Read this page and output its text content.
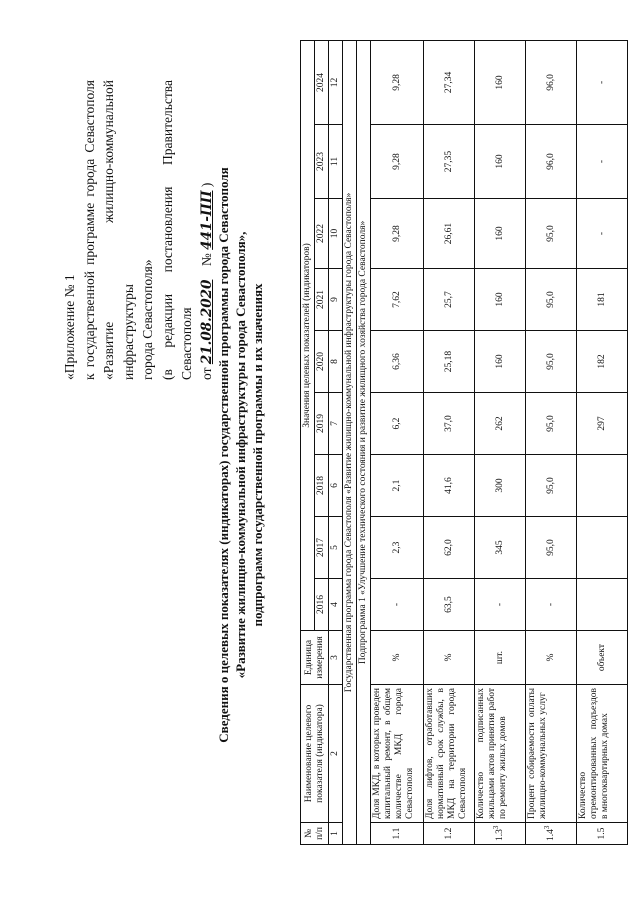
«Приложение № 1 к государственной программе города Севастополя «Развитие жилищно-коммунальной инфраструктуры города Севастополя» (в редакции постановления Правительства Севастополя от 21.08.2020    № 441-ПП ) Сведения о целевых показателях (индикаторах) государственной программы города Севастополя «Развитие жилищно-коммунальной инфраструктуры города Севастополя», подпрограмм государственной программы и их значениях
№ п/п	Наименование целевого показателя (индикатора)	Единица измерения	Значения целевых показателей (индикаторов)								
			2016	2017	2018	2019	2020	2021	2022	2023	2024
1	2	3	4	5	6	7	8	9	10	11	12
Государственная программа города Севастополя «Развитие жилищно-коммунальной инфраструктуры города Севастополя»											
Подпрограмма 1 «Улучшение технического состояния и развитие жилищного хозяйства города Севастополя»											
1.1	Доля МКД, в которых проведен капитальный ремонт, в общем количестве МКД города Севастополя	%	-	2,3	2,1	6,2	6,36	7,62	9,28	9,28	9,28
1.2	Доля лифтов, отработавших нормативный срок службы, в МКД на территории города Севастополя	%	63,5	62,0	41,6	37,0	25,18	25,7	26,61	27,35	27,34
$1.3^3$	Количество подписанных жильцами актов принятия работ по ремонту жилых домов	шт.	-	345	300	262	160	160	160	160	160
$1.4^3$	Процент собираемости оплаты жилищно-коммунальных услуг	%	-	95,0	95,0	95,0	95,0	95,0	95,0	96,0	96,0
1.5	Количество отремонтированных подъездов в многоквартирных домах	объект				297	182	181	-	-	-
